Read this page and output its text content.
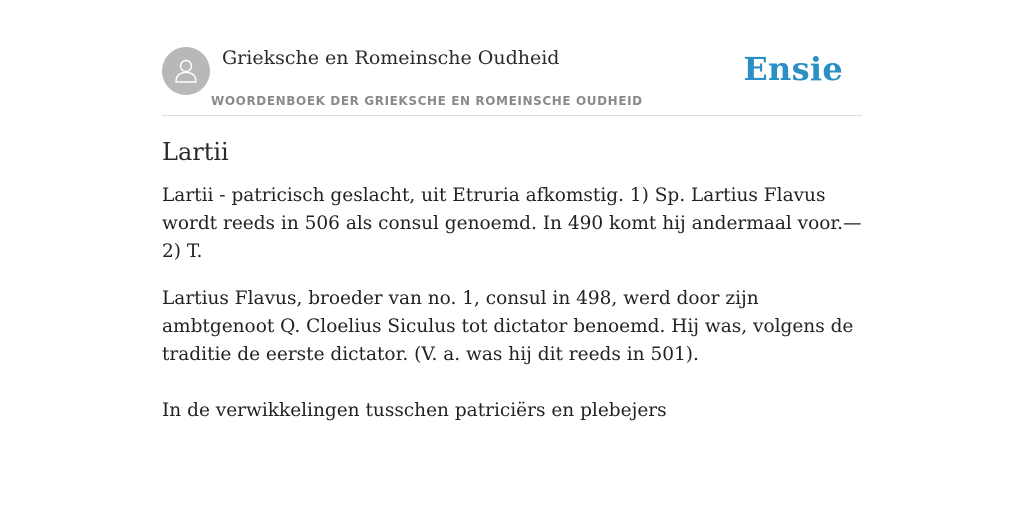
Grieksche en Romeinsche Oudheid
WOORDENBOEK DER GRIEKSCHE EN ROMEINSCHE OUDHEID
Ensie
Lartii

Lartii - patricisch geslacht, uit Etruria afkomstig. 1) Sp. Lartius Flavus wordt reeds in 506 als consul genoemd. In 490 komt hij andermaal voor.—2) T.

Lartius Flavus, broeder van no. 1, consul in 498, werd door zijn ambtgenoot Q. Cloelius Siculus tot dictator benoemd. Hij was, volgens de traditie de eerste dictator. (V. a. was hij dit reeds in 501).

In de verwikkelingen tusschen patriciërs en plebejers
